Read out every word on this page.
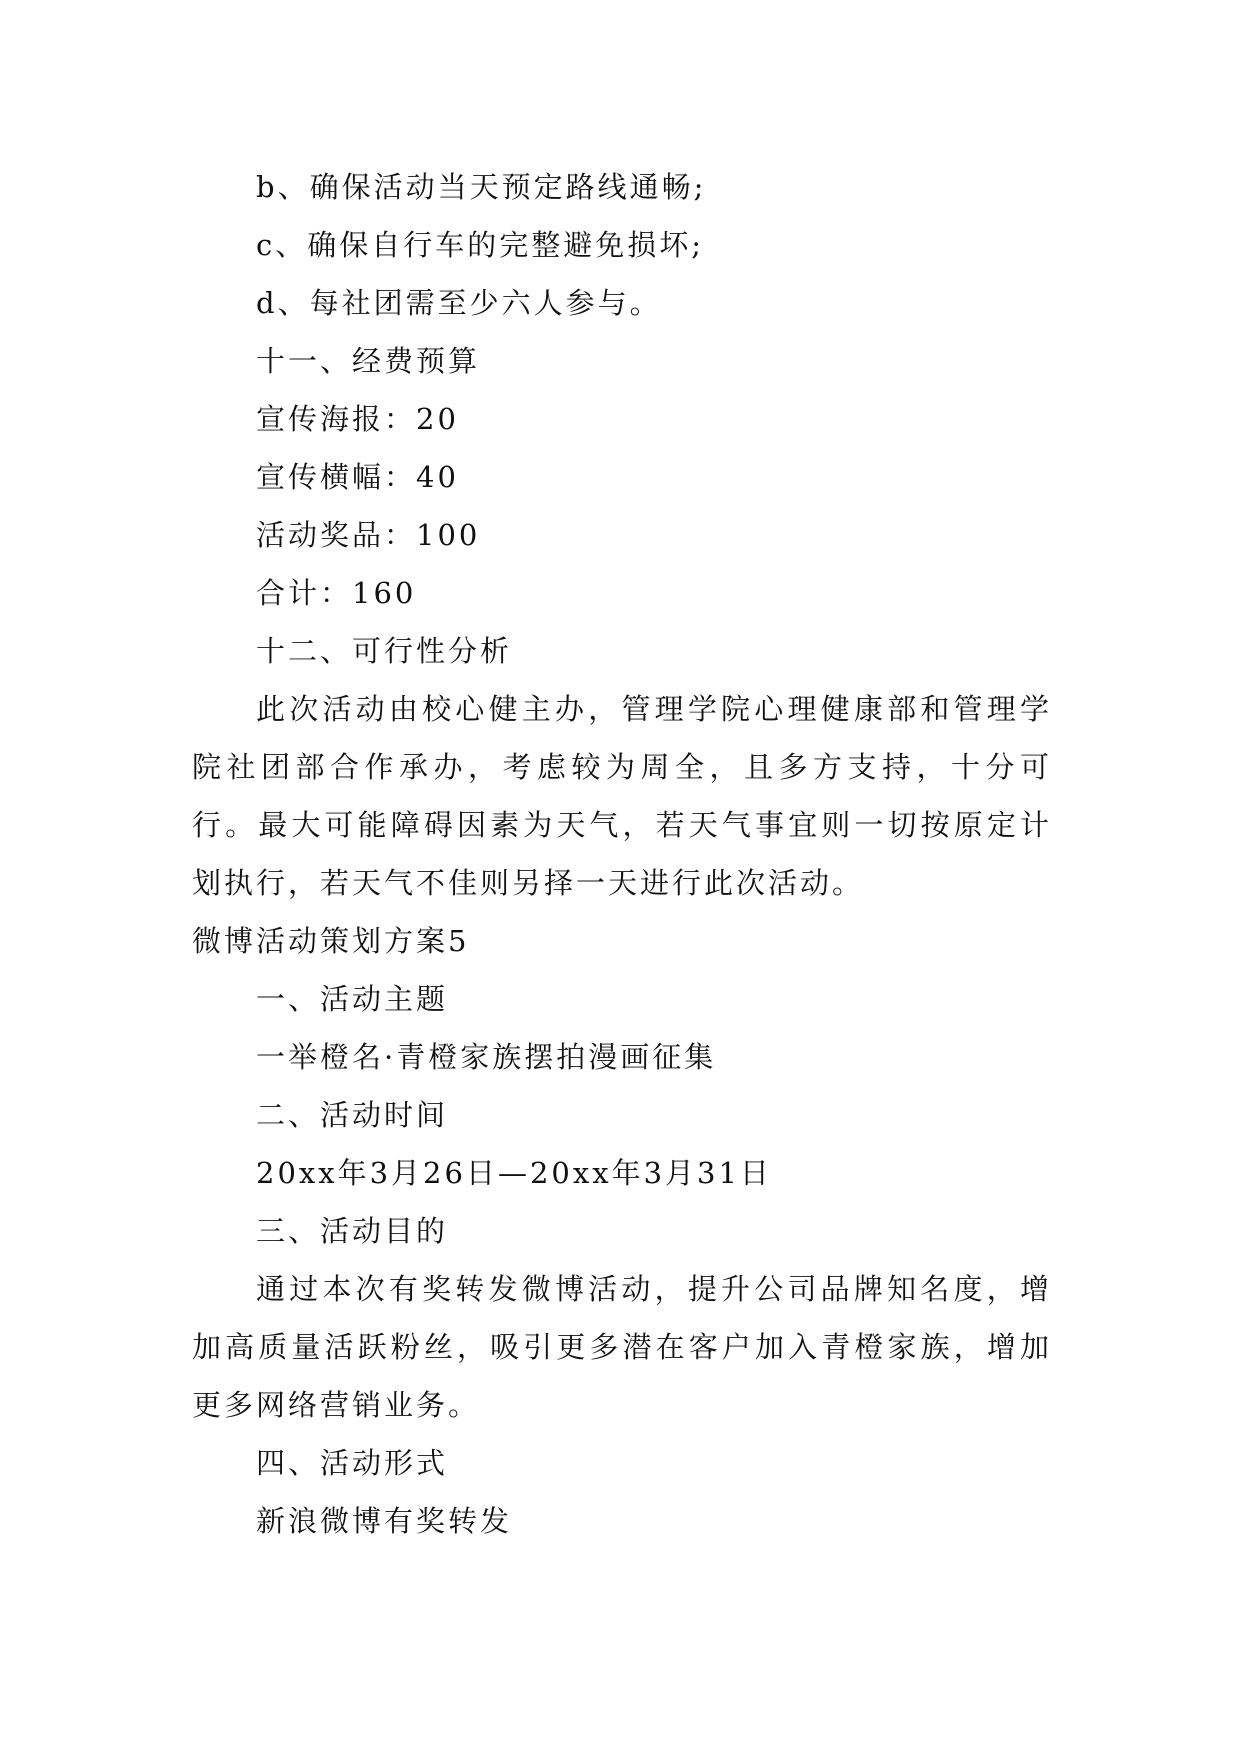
b、确保活动当天预定路线通畅;
c、确保自行车的完整避免损坏;
d、每社团需至少六人参与。
十一、经费预算
宣传海报：20
宣传横幅：40
活动奖品：100
合计：160
十二、可行性分析
此次活动由校心健主办，管理学院心理健康部和管理学院社团部合作承办，考虑较为周全，且多方支持，十分可行。最大可能障碍因素为天气，若天气事宜则一切按原定计划执行，若天气不佳则另择一天进行此次活动。
微博活动策划方案5
一、活动主题
一举橙名·青橙家族摆拍漫画征集
二、活动时间
20xx年3月26日—20xx年3月31日
三、活动目的
通过本次有奖转发微博活动，提升公司品牌知名度，增加高质量活跃粉丝，吸引更多潜在客户加入青橙家族，增加更多网络营销业务。
四、活动形式
新浪微博有奖转发
